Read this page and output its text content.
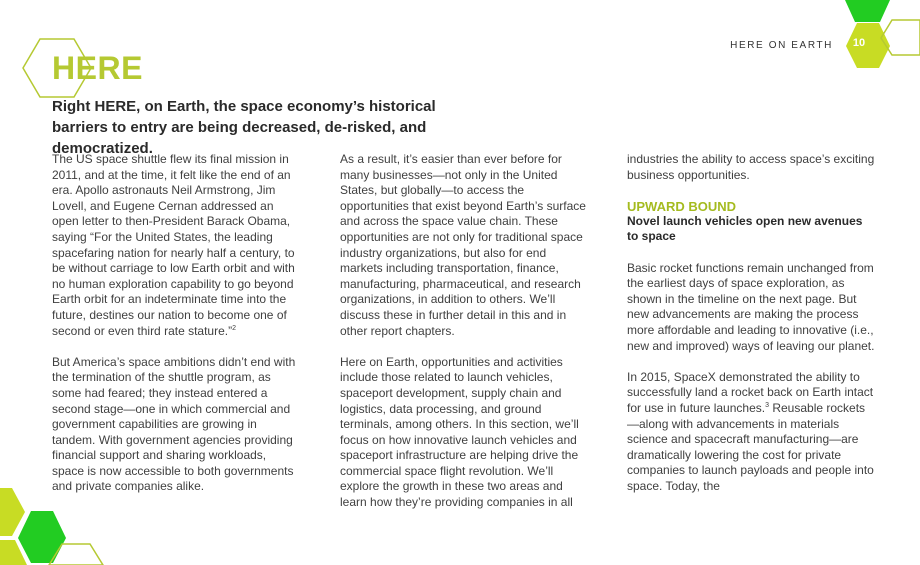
HERE ON EARTH	10
HERE

Right HERE, on Earth, the space economy’s historical barriers to entry are being decreased, de-risked, and democratized.

The US space shuttle flew its final mission in 2011, and at the time, it felt like the end of an era. Apollo astronauts Neil Armstrong, Jim Lovell, and Eugene Cernan addressed an open letter to then-President Barack Obama, saying “For the United States, the leading spacefaring nation for nearly half a century, to be without carriage to low Earth orbit and with no human exploration capability to go beyond Earth orbit for an indeterminate time into the future, destines our nation to become one of second or even third rate stature.”$^2$

But America’s space ambitions didn’t end with the termination of the shuttle program, as some had feared; they instead entered a second stage—one in which commercial and government capabilities are growing in tandem. With government agencies providing financial support and sharing workloads, space is now accessible to both governments and private companies alike.

As a result, it’s easier than ever before for many businesses—not only in the United States, but globally—to access the opportunities that exist beyond Earth’s surface and across the space value chain. These opportunities are not only for traditional space industry organizations, but also for end markets including transportation, finance, manufacturing, pharmaceutical, and research organizations, in addition to others. We’ll discuss these in further detail in this and in other report chapters.

Here on Earth, opportunities and activities include those related to launch vehicles, spaceport development, supply chain and logistics, data processing, and ground terminals, among others. In this section, we’ll focus on how innovative launch vehicles and spaceport infrastructure are helping drive the commercial space flight revolution. We’ll explore the growth in these two areas and learn how they’re providing companies in all

industries the ability to access space’s exciting business opportunities.

UPWARD BOUND

Novel launch vehicles open new avenues to space

Basic rocket functions remain unchanged from the earliest days of space exploration, as shown in the timeline on the next page. But new advancements are making the process more affordable and leading to innovative (i.e., new and improved) ways of leaving our planet.

In 2015, SpaceX demonstrated the ability to successfully land a rocket back on Earth intact for use in future launches.$^3$ Reusable rockets—along with advancements in materials science and spacecraft manufacturing—are dramatically lowering the cost for private companies to launch payloads and people into space. Today, the
